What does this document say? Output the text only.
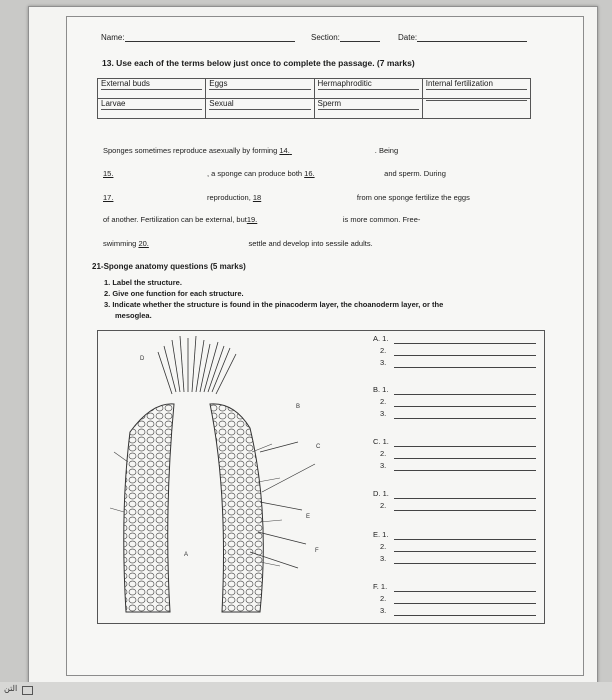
Name:	Section:	Date:
13. Use each of the terms below just once to complete the passage. (7 marks)
External buds	Eggs	Hermaphroditic	Internal fertilization

Larvae	Sexual	Sperm	

Sponges sometimes reproduce asexually by forming 14.	. Being
15.	, a sponge can produce both 16.	and sperm. During
17.	reproduction, 18	from one sponge fertilize the eggs
of another. Fertilization can be external, but19.	is more common. Free-
swimming 20.	settle and develop into sessile adults.
21-Sponge anatomy questions (5 marks)
1. Label the structure.
2. Give one function for each structure.
3. Indicate whether the structure is found in the pinacoderm layer, the choanoderm layer, or the
mesoglea.
D
B
C
E
F
A
A. 1.
2.
3.
B. 1.
2.
3.
C. 1.
2.
3.
D. 1.
2.
E. 1.
2.
3.
F. 1.
2.
3.
التن
